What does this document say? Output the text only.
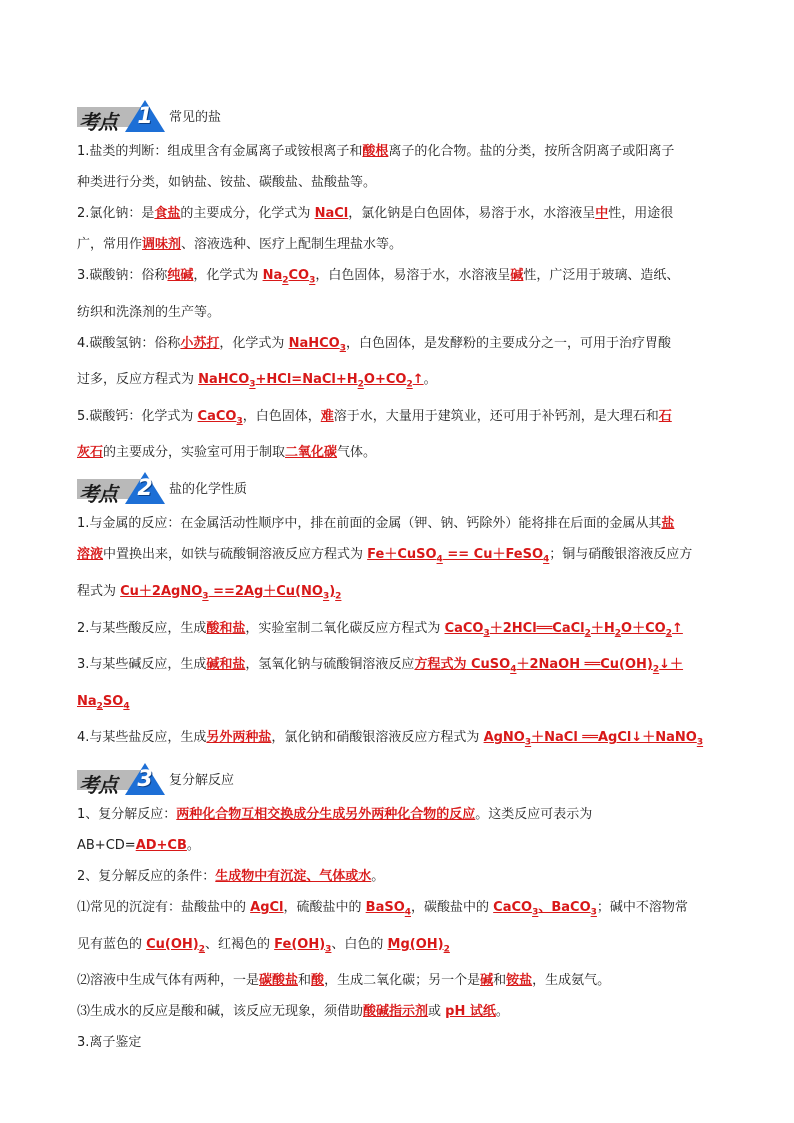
考点 1	常见的盐

1.盐类的判断：组成里含有金属离子或铵根离子和酸根离子的化合物。盐的分类，按所含阴离子或阳离子

种类进行分类，如钠盐、铵盐、碳酸盐、盐酸盐等。

2.氯化钠：是食盐的主要成分，化学式为 NaCl，氯化钠是白色固体，易溶于水，水溶液呈中性，用途很

广，常用作调味剂、溶液选种、医疗上配制生理盐水等。

3.碳酸钠：俗称纯碱，化学式为 $Na_2CO_3$，白色固体，易溶于水，水溶液呈碱性，广泛用于玻璃、造纸、

纺织和洗涤剂的生产等。

4.碳酸氢钠：俗称小苏打，化学式为 NaHCO$_3$，白色固体，是发酵粉的主要成分之一，可用于治疗胃酸

过多，反应方程式为 $NaHCO_3+HCl=NaCl+H_2O+CO_2↑$。

5.碳酸钙：化学式为 CaCO$_3$，白色固体，难溶于水，大量用于建筑业，还可用于补钙剂，是大理石和石

灰石的主要成分，实验室可用于制取二氧化碳气体。

考点 2	盐的化学性质

1.与金属的反应：在金属活动性顺序中，排在前面的金属（钾、钠、钙除外）能将排在后面的金属从其盐

溶液中置换出来，如铁与硫酸铜溶液反应方程式为 Fe＋CuSO$_4$ == Cu＋FeSO$_4$；铜与硝酸银溶液反应方

程式为 Cu＋2AgNO$_3$ $==2Ag+Cu(NO_3)_2$

2.与某些酸反应，生成酸和盐，实验室制二氧化碳反应方程式为 $CaCO_3+2HCl══CaCl_2+H_2O+CO_2↑$

3.与某些碱反应，生成碱和盐，氢氧化钠与硫酸铜溶液反应方程式为 CuSO$_4$＋2NaOH $══Cu(OH)_2↓+$

$Na_2SO_4$

4.与某些盐反应，生成另外两种盐，氯化钠和硝酸银溶液反应方程式为 AgNO$_3$＋NaCl ══AgCl↓＋NaNO$_3$

考点 3	复分解反应

1、复分解反应：两种化合物互相交换成分生成另外两种化合物的反应。这类反应可表示为

AB+CD=AD+CB。

2、复分解反应的条件：生成物中有沉淀、气体或水。

⑴常见的沉淀有：盐酸盐中的 AgCl，硫酸盐中的 BaSO$_4$，碳酸盐中的 CaCO$_3$、BaCO$_3$；碱中不溶物常

见有蓝色的 $Cu(OH)_2$、红褐色的 $Fe(OH)_3$、白色的 $Mg(OH)_2$

⑵溶液中生成气体有两种，一是碳酸盐和酸，生成二氧化碳；另一个是碱和铵盐，生成氨气。

⑶生成水的反应是酸和碱，该反应无现象，须借助酸碱指示剂或 pH 试纸。

3.离子鉴定
